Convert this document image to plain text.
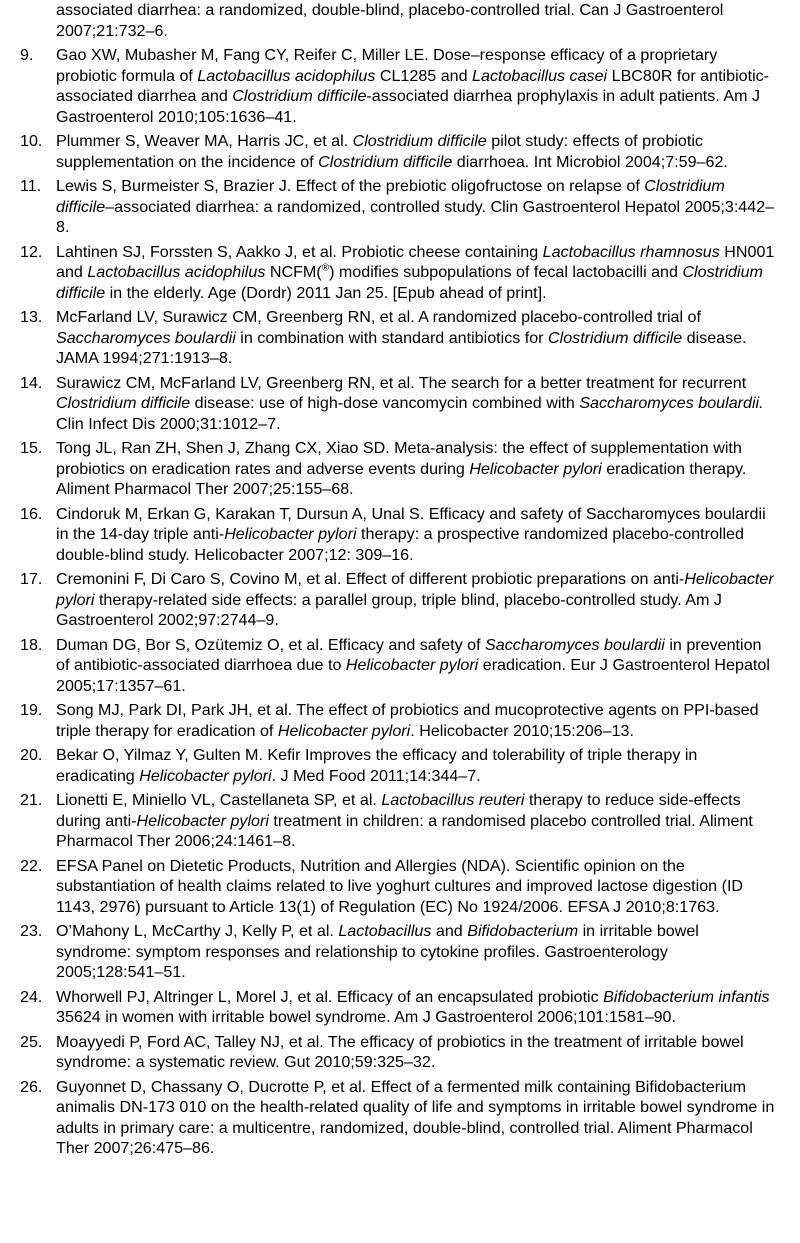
associated diarrhea: a randomized, double-blind, placebo-controlled trial. Can J Gastroenterol 2007;21:732–6.
9.	Gao XW, Mubasher M, Fang CY, Reifer C, Miller LE. Dose–response efficacy of a proprietary probiotic formula of Lactobacillus acidophilus CL1285 and Lactobacillus casei LBC80R for antibiotic-associated diarrhea and Clostridium difficile-associated diarrhea prophylaxis in adult patients. Am J Gastroenterol 2010;105:1636–41.
10. Plummer S, Weaver MA, Harris JC, et al. Clostridium difficile pilot study: effects of probiotic supplementation on the incidence of Clostridium difficile diarrhoea. Int Microbiol 2004;7:59–62.
11. Lewis S, Burmeister S, Brazier J. Effect of the prebiotic oligofructose on relapse of Clostridium difficile–associated diarrhea: a randomized, controlled study. Clin Gastroenterol Hepatol 2005;3:442–8.
12. Lahtinen SJ, Forssten S, Aakko J, et al. Probiotic cheese containing Lactobacillus rhamnosus HN001 and Lactobacillus acidophilus NCFM(®) modifies subpopulations of fecal lactobacilli and Clostridium difficile in the elderly. Age (Dordr) 2011 Jan 25. [Epub ahead of print].
13. McFarland LV, Surawicz CM, Greenberg RN, et al. A randomized placebo-controlled trial of Saccharomyces boulardii in combination with standard antibiotics for Clostridium difficile disease. JAMA 1994;271:1913–8.
14. Surawicz CM, McFarland LV, Greenberg RN, et al. The search for a better treatment for recurrent Clostridium difficile disease: use of high-dose vancomycin combined with Saccharomyces boulardii. Clin Infect Dis 2000;31:1012–7.
15. Tong JL, Ran ZH, Shen J, Zhang CX, Xiao SD. Meta-analysis: the effect of supplementation with probiotics on eradication rates and adverse events during Helicobacter pylori eradication therapy. Aliment Pharmacol Ther 2007;25:155–68.
16. Cindoruk M, Erkan G, Karakan T, Dursun A, Unal S. Efficacy and safety of Saccharomyces boulardii in the 14-day triple anti-Helicobacter pylori therapy: a prospective randomized placebo-controlled double-blind study. Helicobacter 2007;12: 309–16.
17. Cremonini F, Di Caro S, Covino M, et al. Effect of different probiotic preparations on anti-Helicobacter pylori therapy-related side effects: a parallel group, triple blind, placebo-controlled study. Am J Gastroenterol 2002;97:2744–9.
18. Duman DG, Bor S, Ozütemiz O, et al. Efficacy and safety of Saccharomyces boulardii in prevention of antibiotic-associated diarrhoea due to Helicobacter pylori eradication. Eur J Gastroenterol Hepatol 2005;17:1357–61.
19. Song MJ, Park DI, Park JH, et al. The effect of probiotics and mucoprotective agents on PPI-based triple therapy for eradication of Helicobacter pylori. Helicobacter 2010;15:206–13.
20. Bekar O, Yilmaz Y, Gulten M. Kefir Improves the efficacy and tolerability of triple therapy in eradicating Helicobacter pylori. J Med Food 2011;14:344–7.
21. Lionetti E, Miniello VL, Castellaneta SP, et al. Lactobacillus reuteri therapy to reduce side-effects during anti-Helicobacter pylori treatment in children: a randomised placebo controlled trial. Aliment Pharmacol Ther 2006;24:1461–8.
22. EFSA Panel on Dietetic Products, Nutrition and Allergies (NDA). Scientific opinion on the substantiation of health claims related to live yoghurt cultures and improved lactose digestion (ID 1143, 2976) pursuant to Article 13(1) of Regulation (EC) No 1924/2006. EFSA J 2010;8:1763.
23. O’Mahony L, McCarthy J, Kelly P, et al. Lactobacillus and Bifidobacterium in irritable bowel syndrome: symptom responses and relationship to cytokine profiles. Gastroenterology 2005;128:541–51.
24. Whorwell PJ, Altringer L, Morel J, et al. Efficacy of an encapsulated probiotic Bifidobacterium infantis 35624 in women with irritable bowel syndrome. Am J Gastroenterol 2006;101:1581–90.
25. Moayyedi P, Ford AC, Talley NJ, et al. The efficacy of probiotics in the treatment of irritable bowel syndrome: a systematic review. Gut 2010;59:325–32.
26. Guyonnet D, Chassany O, Ducrotte P, et al. Effect of a fermented milk containing Bifidobacterium animalis DN-173 010 on the health-related quality of life and symptoms in irritable bowel syndrome in adults in primary care: a multicentre, randomized, double-blind, controlled trial. Aliment Pharmacol Ther 2007;26:475–86.
